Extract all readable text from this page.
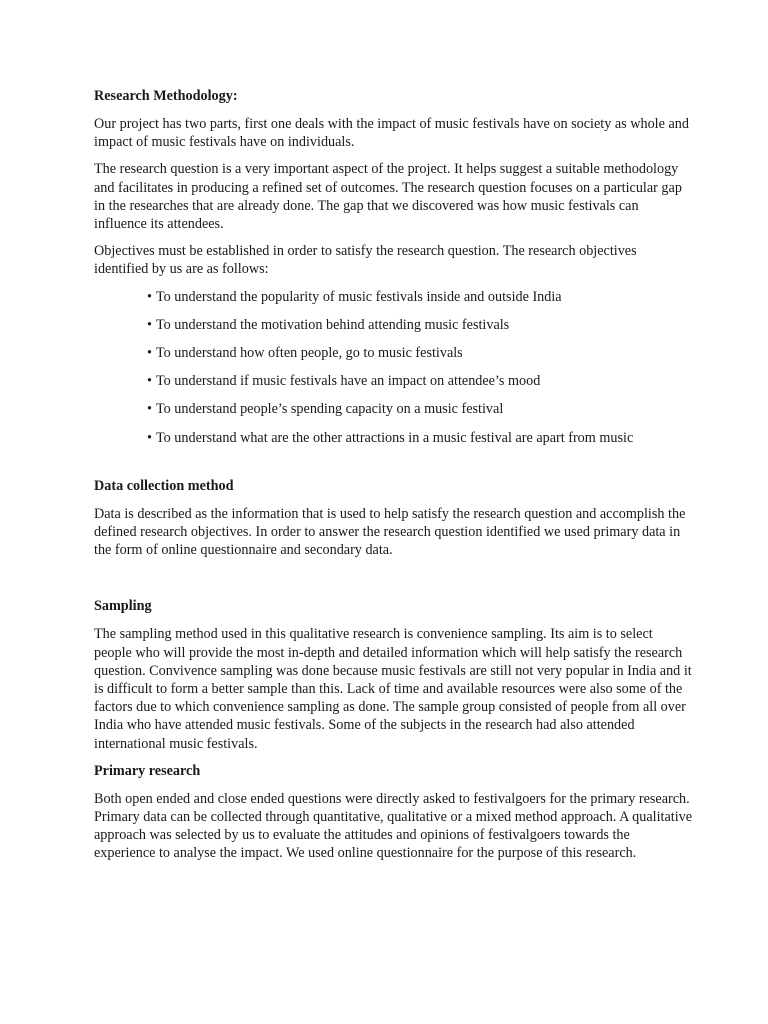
Research Methodology:

Our project has two parts, first one deals with the impact of music festivals have on society as whole and impact of music festivals have on individuals.

The research question is a very important aspect of the project. It helps suggest a suitable methodology and facilitates in producing a refined set of outcomes. The research question focuses on a particular gap in the researches that are already done. The gap that we discovered was how music festivals can influence its attendees.

Objectives must be established in order to satisfy the research question. The research objectives identified by us are as follows:

• To understand the popularity of music festivals inside and outside India
• To understand the motivation behind attending music festivals
• To understand how often people, go to music festivals
• To understand if music festivals have an impact on attendee’s mood
• To understand people’s spending capacity on a music festival
• To understand what are the other attractions in a music festival are apart from music
Data collection method

Data is described as the information that is used to help satisfy the research question and accomplish the defined research objectives. In order to answer the research question identified we used primary data in the form of online questionnaire and secondary data.

Sampling

The sampling method used in this qualitative research is convenience sampling. Its aim is to select people who will provide the most in-depth and detailed information which will help satisfy the research question. Convivence sampling was done because music festivals are still not very popular in India and it is difficult to form a better sample than this. Lack of time and available resources were also some of the factors due to which convenience sampling as done. The sample group consisted of people from all over India who have attended music festivals. Some of the subjects in the research had also attended international music festivals.

Primary research

Both open ended and close ended questions were directly asked to festivalgoers for the primary research. Primary data can be collected through quantitative, qualitative or a mixed method approach. A qualitative approach was selected by us to evaluate the attitudes and opinions of festivalgoers towards the experience to analyse the impact. We used online questionnaire for the purpose of this research.
